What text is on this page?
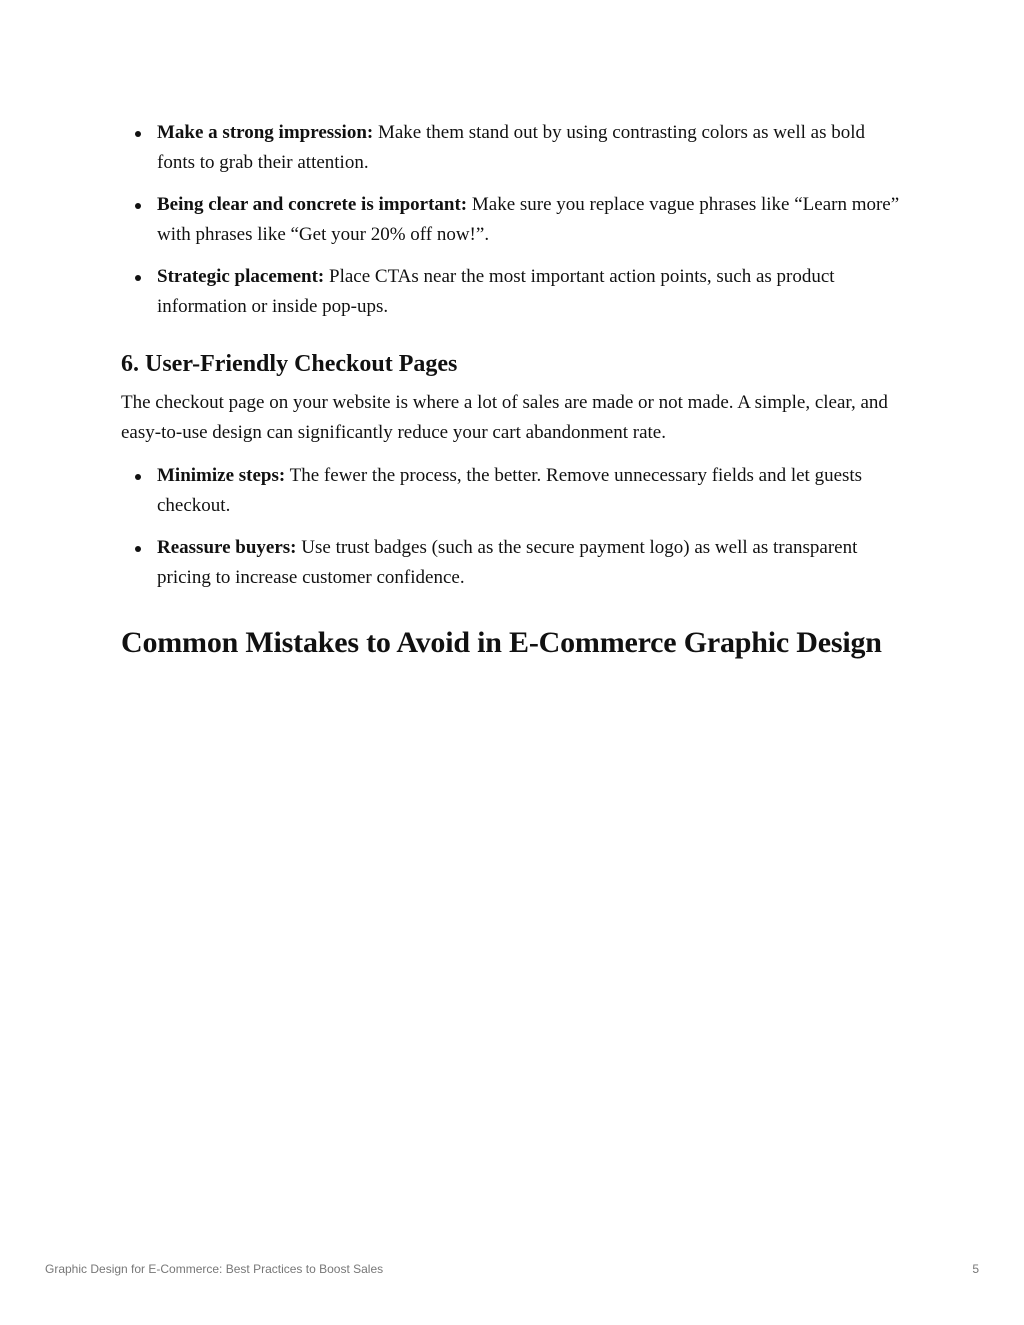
Make a strong impression: Make them stand out by using contrasting colors as well as bold fonts to grab their attention.
Being clear and concrete is important: Make sure you replace vague phrases like “Learn more” with phrases like “Get your 20% off now!”.
Strategic placement: Place CTAs near the most important action points, such as product information or inside pop-ups.
6. User-Friendly Checkout Pages

The checkout page on your website is where a lot of sales are made or not made. A simple, clear, and easy-to-use design can significantly reduce your cart abandonment rate.

Minimize steps: The fewer the process, the better. Remove unnecessary fields and let guests checkout.
Reassure buyers: Use trust badges (such as the secure payment logo) as well as transparent pricing to increase customer confidence.
Common Mistakes to Avoid in E-Commerce Graphic Design
Graphic Design for E-Commerce: Best Practices to Boost Sales	5
